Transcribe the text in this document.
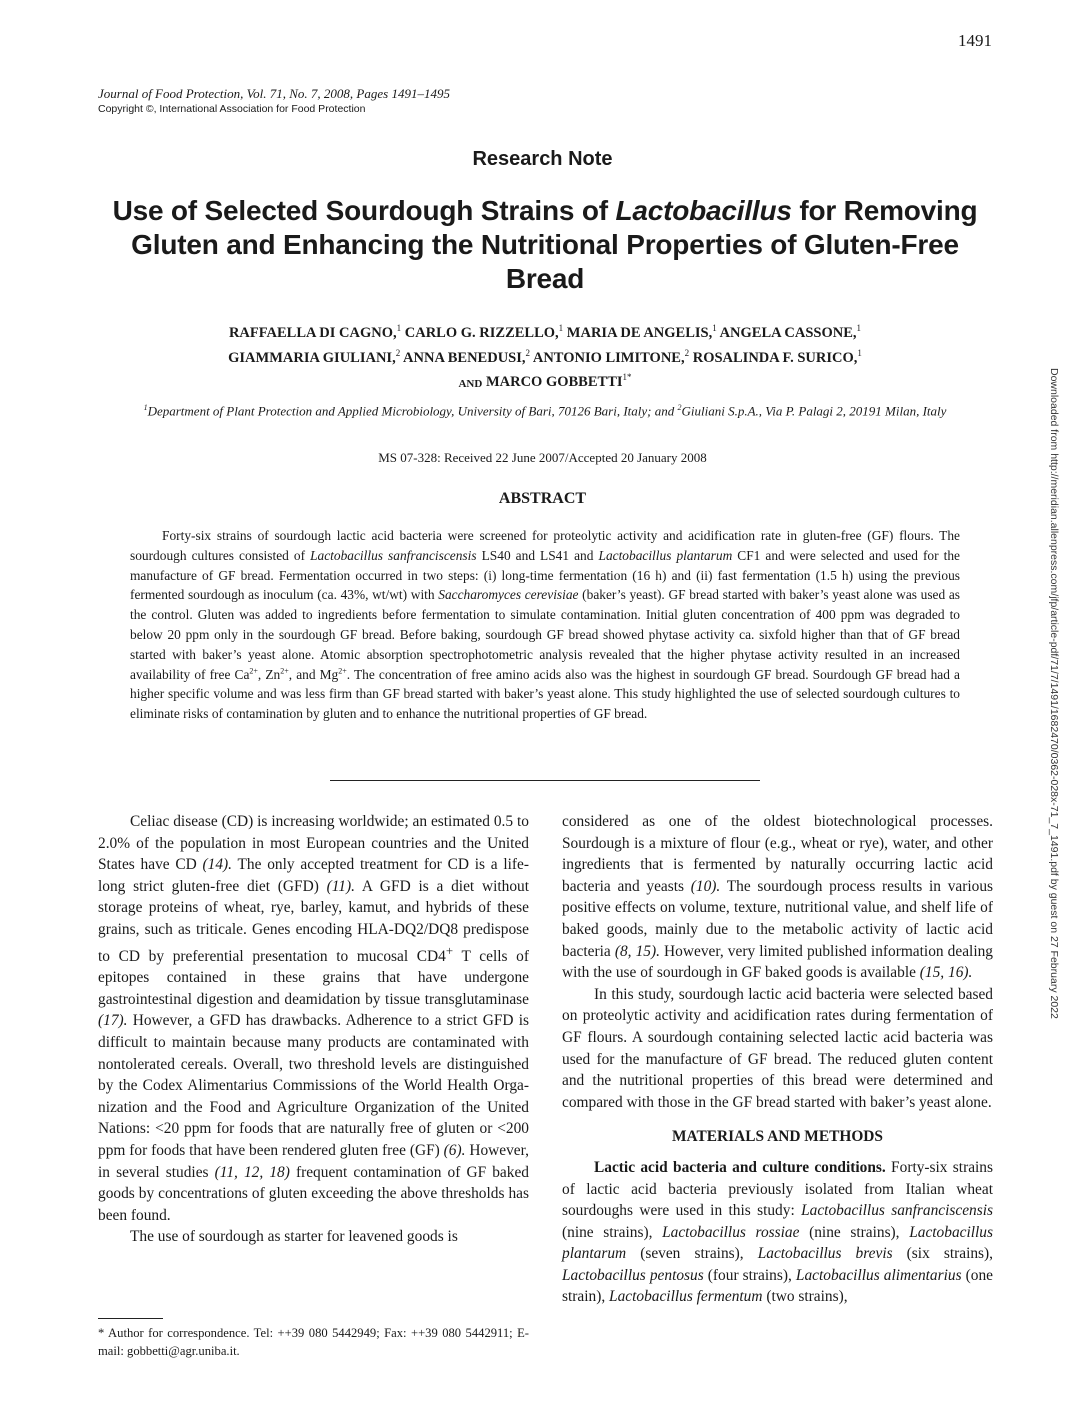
1491
Journal of Food Protection, Vol. 71, No. 7, 2008, Pages 1491–1495
Copyright ©, International Association for Food Protection
Research Note
Use of Selected Sourdough Strains of Lactobacillus for Removing Gluten and Enhancing the Nutritional Properties of Gluten-Free Bread
RAFFAELLA DI CAGNO,$^1$ CARLO G. RIZZELLO,$^1$ MARIA DE ANGELIS,$^1$ ANGELA CASSONE,$^1$
GIAMMARIA GIULIANI,$^2$ ANNA BENEDUSI,$^2$ ANTONIO LIMITONE,$^2$ ROSALINDA F. SURICO,$^1$
AND MARCO $GOBBETTI^{1*}$
$^1$Department of Plant Protection and Applied Microbiology, University of Bari, 70126 Bari, Italy; and $^2$Giuliani S.p.A., Via P. Palagi 2, 20191 Milan, Italy
MS 07-328: Received 22 June 2007/Accepted 20 January 2008
ABSTRACT
Forty-six strains of sourdough lactic acid bacteria were screened for proteolytic activity and acidification rate in gluten-free (GF) flours. The sourdough cultures consisted of Lactobacillus sanfranciscensis LS40 and LS41 and Lactobacillus plantarum CF1 and were selected and used for the manufacture of GF bread. Fermentation occurred in two steps: (i) long-time fermentation (16 h) and (ii) fast fermentation (1.5 h) using the previous fermented sourdough as inoculum (ca. 43%, wt/wt) with Saccharomyces cerevisiae (baker’s yeast). GF bread started with baker’s yeast alone was used as the control. Gluten was added to ingredients before fermentation to simulate contamination. Initial gluten concentration of 400 ppm was degraded to below 20 ppm only in the sourdough GF bread. Before baking, sourdough GF bread showed phytase activity ca. sixfold higher than that of GF bread started with baker’s yeast alone. Atomic absorption spectrophotometric analysis revealed that the higher phytase activity resulted in an increased availability of free $Ca^{2+}$, $Zn^{2+}$, and $Mg^{2+}$. The concentration of free amino acids also was the highest in sourdough GF bread. Sourdough GF bread had a higher specific volume and was less firm than GF bread started with baker’s yeast alone. This study highlighted the use of selected sourdough cultures to eliminate risks of contamination by gluten and to enhance the nutritional properties of GF bread.

Celiac disease (CD) is increasing worldwide; an estimated 0.5 to 2.0% of the population in most European countries and the United States have CD (14). The only accepted treatment for CD is a life-long strict gluten-free diet (GFD) (11). A GFD is a diet without storage proteins of wheat, rye, barley, kamut, and hybrids of these grains, such as triticale. Genes encoding HLA-DQ2/DQ8 predispose to CD by preferential presentation to mucosal CD4+ T cells of epitopes contained in these grains that have undergone gastrointestinal digestion and deamidation by tissue transglutaminase (17). However, a GFD has drawbacks. Adherence to a strict GFD is difficult to maintain because many products are contaminated with nontolerated cereals. Overall, two threshold levels are distinguished by the Codex Alimentarius Commissions of the World Health Organization and the Food and Agriculture Organization of the United Nations: <20 ppm for foods that are naturally free of gluten or <200 ppm for foods that have been rendered gluten free (GF) (6). However, in several studies (11, 12, 18) frequent contamination of GF baked goods by concentrations of gluten exceeding the above thresholds has been found.

The use of sourdough as starter for leavened goods is

considered as one of the oldest biotechnological processes. Sourdough is a mixture of flour (e.g., wheat or rye), water, and other ingredients that is fermented by naturally occurring lactic acid bacteria and yeasts (10). The sourdough process results in various positive effects on volume, texture, nutritional value, and shelf life of baked goods, mainly due to the metabolic activity of lactic acid bacteria (8, 15). However, very limited published information dealing with the use of sourdough in GF baked goods is available (15, 16).

In this study, sourdough lactic acid bacteria were selected based on proteolytic activity and acidification rates during fermentation of GF flours. A sourdough containing selected lactic acid bacteria was used for the manufacture of GF bread. The reduced gluten content and the nutritional properties of this bread were determined and compared with those in the GF bread started with baker’s yeast alone.

MATERIALS AND METHODS

Lactic acid bacteria and culture conditions. Forty-six strains of lactic acid bacteria previously isolated from Italian wheat sourdoughs were used in this study: Lactobacillus sanfranciscensis (nine strains), Lactobacillus rossiae (nine strains), Lactobacillus plantarum (seven strains), Lactobacillus brevis (six strains), Lactobacillus pentosus (four strains), Lactobacillus alimentarius (one strain), Lactobacillus fermentum (two strains),

* Author for correspondence. Tel: ++39 080 5442949; Fax: ++39 080 5442911; E-mail: gobbetti@agr.uniba.it.
Downloaded from http://meridian.allenpress.com/jfp/article-pdf/71/7/1491/1682470/0362-028x-71_7_1491.pdf by guest on 27 February 2022
